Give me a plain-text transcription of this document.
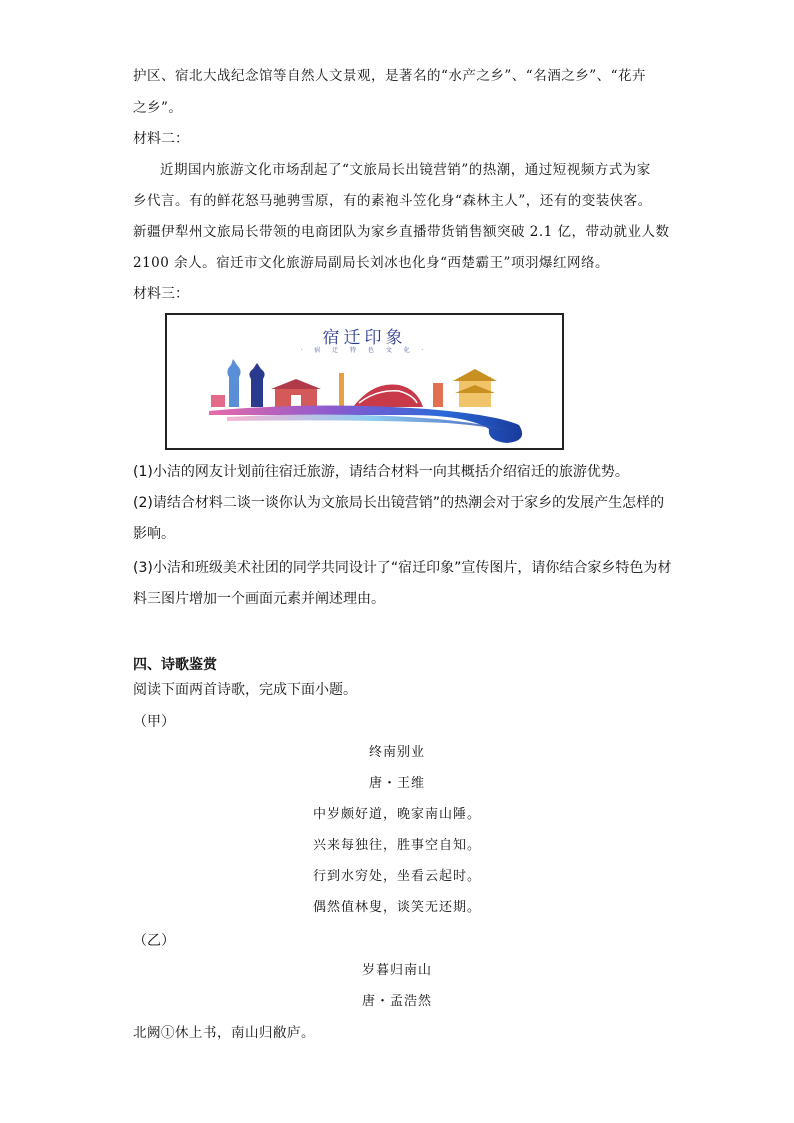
护区、宿北大战纪念馆等自然人文景观，是著名的“水产之乡”、“名酒之乡”、“花卉
之乡”。
材料二：
近期国内旅游文化市场刮起了“文旅局长出镜营销”的热潮，通过短视频方式为家
乡代言。有的鲜花怒马驰骋雪原，有的素袍斗笠化身“森林主人”，还有的变装侠客。
新疆伊犁州文旅局长带领的电商团队为家乡直播带货销售额突破 2.1 亿，带动就业人数
2100 余人。宿迁市文化旅游局副局长刘冰也化身“西楚霸王”项羽爆红网络。
材料三：
宿迁印象
· 宿 迁 特 色 文 化 ·
(1)小洁的网友计划前往宿迁旅游，请结合材料一向其概括介绍宿迁的旅游优势。
(2)请结合材料二谈一谈你认为文旅局长出镜营销”的热潮会对于家乡的发展产生怎样的
影响。
(3)小洁和班级美术社团的同学共同设计了“宿迁印象”宣传图片，请你结合家乡特色为材
料三图片增加一个画面元素并阐述理由。
四、诗歌鉴赏
阅读下面两首诗歌，完成下面小题。
（甲）
终南别业
唐・王维
中岁颇好道，晚家南山陲。
兴来每独往，胜事空自知。
行到水穷处，坐看云起时。
偶然值林叟，谈笑无还期。
（乙）
岁暮归南山
唐・孟浩然
北阙①休上书，南山归敝庐。
